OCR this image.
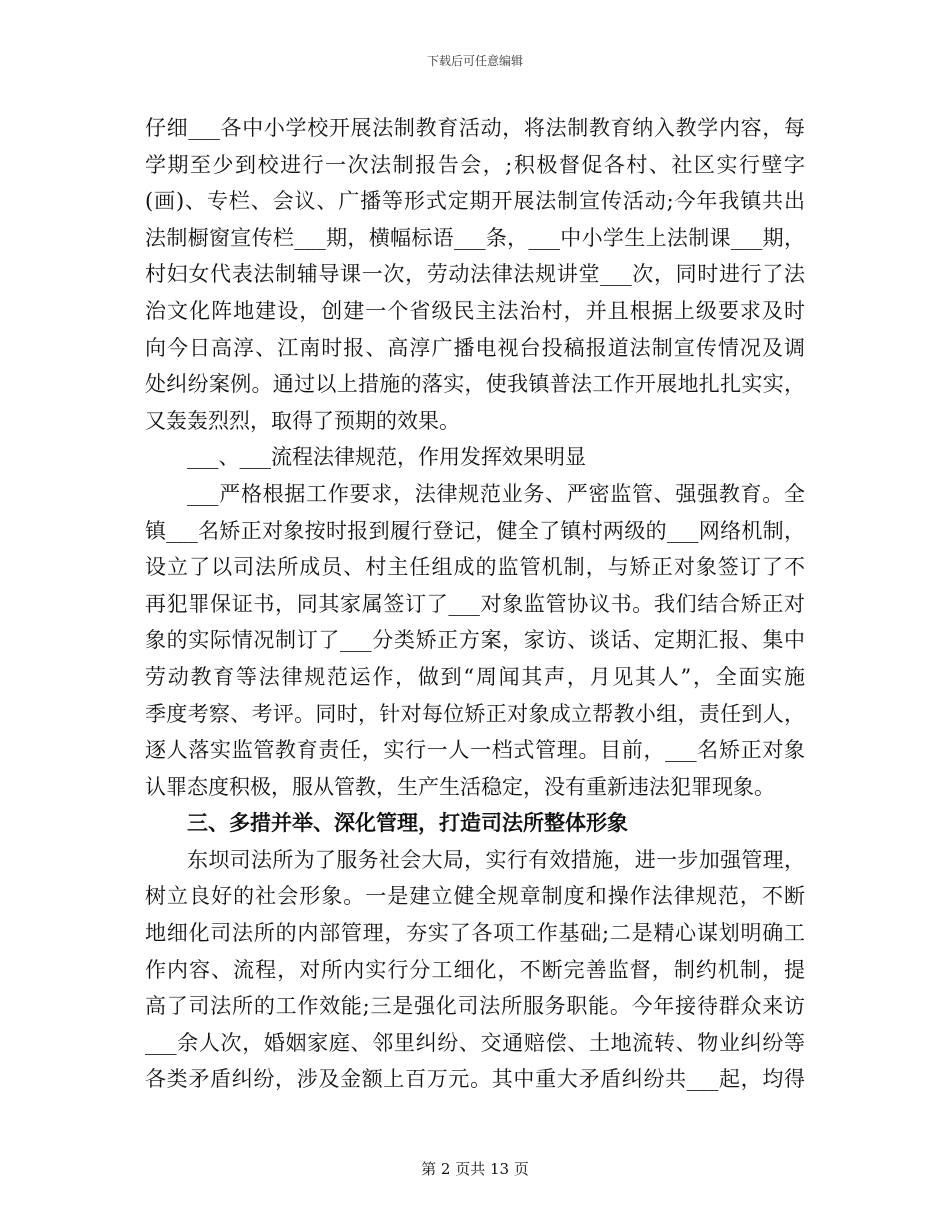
下载后可任意编辑
仔细___各中小学校开展法制教育活动，将法制教育纳入教学内容，每
学期至少到校进行一次法制报告会，;积极督促各村、社区实行壁字
(画)、专栏、会议、广播等形式定期开展法制宣传活动;今年我镇共出
法制橱窗宣传栏___期，横幅标语___条，___中小学生上法制课___期，
村妇女代表法制辅导课一次，劳动法律法规讲堂___次，同时进行了法
治文化阵地建设，创建一个省级民主法治村，并且根据上级要求及时
向今日高淳、江南时报、高淳广播电视台投稿报道法制宣传情况及调
处纠纷案例。通过以上措施的落实，使我镇普法工作开展地扎扎实实，
又轰轰烈烈，取得了预期的效果。
___、___流程法律规范，作用发挥效果明显
___严格根据工作要求，法律规范业务、严密监管、强强教育。全
镇___名矫正对象按时报到履行登记，健全了镇村两级的___网络机制，
设立了以司法所成员、村主任组成的监管机制，与矫正对象签订了不
再犯罪保证书，同其家属签订了___对象监管协议书。我们结合矫正对
象的实际情况制订了___分类矫正方案，家访、谈话、定期汇报、集中
劳动教育等法律规范运作，做到“周闻其声，月见其人”，全面实施
季度考察、考评。同时，针对每位矫正对象成立帮教小组，责任到人，
逐人落实监管教育责任，实行一人一档式管理。目前，___名矫正对象
认罪态度积极，服从管教，生产生活稳定，没有重新违法犯罪现象。
三、多措并举、深化管理，打造司法所整体形象
东坝司法所为了服务社会大局，实行有效措施，进一步加强管理，
树立良好的社会形象。一是建立健全规章制度和操作法律规范，不断
地细化司法所的内部管理，夯实了各项工作基础;二是精心谋划明确工
作内容、流程，对所内实行分工细化，不断完善监督，制约机制，提
高了司法所的工作效能;三是强化司法所服务职能。今年接待群众来访
___余人次，婚姻家庭、邻里纠纷、交通赔偿、土地流转、物业纠纷等
各类矛盾纠纷，涉及金额上百万元。其中重大矛盾纠纷共___起，均得
第 2 页共 13 页
